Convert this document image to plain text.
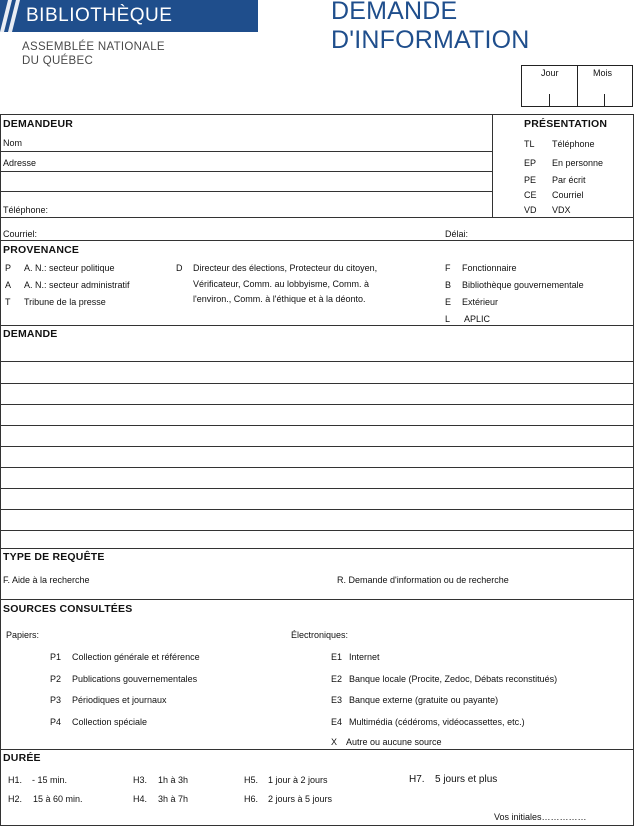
BIBLIOTHÈQUE
ASSEMBLÉE NATIONALE
DU QUÉBEC
DEMANDE D'INFORMATION
Jour	Mois
DEMANDEUR
Nom
Adresse
Téléphone:
Courriel:	Délai:
PRÉSENTATION
TL Téléphone
EP En personne
PE Par écrit
CE Courriel
VD VDX
PROVENANCE
P A. N.: secteur politique
A A. N.: secteur administratif
T Tribune de la presse
D Directeur des élections, Protecteur du citoyen,
Vérificateur, Comm. au lobbyisme, Comm. à
l'environ., Comm. à l'éthique et à la déonto.
F Fonctionnaire
B Bibliothèque gouvernementale
E Extérieur
L APLIC
DEMANDE
TYPE DE REQUÊTE
F. Aide à la recherche	R. Demande d'information ou de recherche
SOURCES CONSULTÉES
Papiers:	Électroniques:
P1 Collection générale et référence
P2 Publications gouvernementales
P3 Périodiques et journaux
P4 Collection spéciale
E1 Internet
E2 Banque locale (Procite, Zedoc, Débats reconstitués)
E3 Banque externe (gratuite ou payante)
E4 Multimédia (cédéroms, vidéocassettes, etc.)
X Autre ou aucune source
DURÉE
H1. - 15 min.
H2. 15 à 60 min.
H3. 1h à 3h
H4. 3h à 7h
H5. 1 jour à 2 jours
H6. 2 jours à 5 jours
H7. 5 jours et plus
Vos initiales……………
